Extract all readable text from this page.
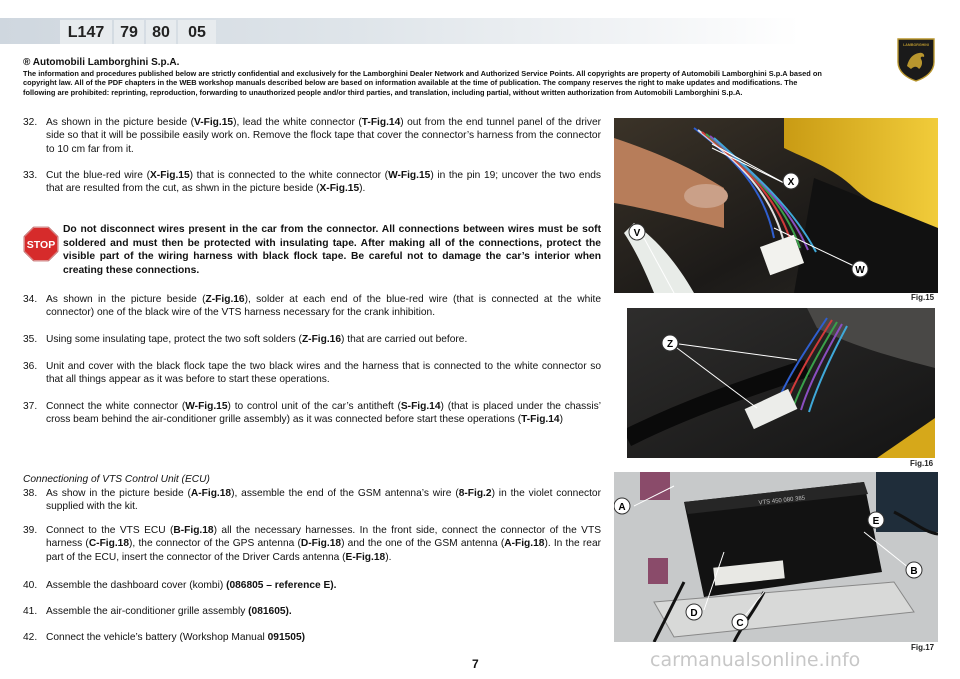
L147 79 80	05
LAMBORGHINI
® Automobili Lamborghini S.p.A.
The information and procedures published below are strictly confidential and exclusively for the Lamborghini Dealer Network and Authorized Service Points. All copyrights are property of Automobili Lamborghini S.p.A based on copyright law. All of the PDF chapters in the WEB workshop manuals described below are based on information available at the time of publication. The company reserves the right to make updates and modifications. The following are prohibited: reprinting, reproduction, forwarding to unauthorized people and/or third parties, and translation, including partial, without written authorization from Automobili Lamborghini S.p.A.
32. As shown in the picture beside (V-Fig.15), lead the white connector (T-Fig.14) out from the end tunnel panel of the driver side so that it will be possibile easily work on. Remove the flock tape that cover the connector’s harness from the connector to 10 cm far from it.
33. Cut the blue-red wire (X-Fig.15) that is connected to the white connector (W-Fig.15) in the pin 19; uncover the two ends that are resulted from the cut, as shwn in the picture beside (X-Fig.15).
STOP
Do not disconnect wires present in the car from the connector. All connections between wires must be soft soldered and must then be protected with insulating tape. After making all of the connections, protect the visible part of the wiring harness with black flock tape. Be careful not to damage the car’s interior when creating these connections.
34. As shown in the picture beside (Z-Fig.16), solder at each end of the blue-red wire (that is connected at the white connector) one of the black wire of the VTS harness necessary for the crank inhibition.
35. Using some insulating tape, protect the two soft solders (Z-Fig.16) that are carried out before.
36. Unit and cover with the black flock tape the two black wires and the harness that is connected to the white connector so that all things appear as it was before to start these operations.
37. Connect the white connector (W-Fig.15) to control unit of the car’s antitheft (S-Fig.14) (that is placed under the chassis’ cross beam behind the air-conditioner grille assembly) as it was connected before start these operations (T-Fig.14)
Connectioning of VTS Control Unit (ECU)
38. As show in the picture beside (A-Fig.18), assemble the end of the GSM antenna’s wire (8-Fig.2) in the violet connector supplied with the kit.
39. Connect to the VTS ECU (B-Fig.18) all the necessary harnesses. In the front side, connect the connector of the VTS harness (C-Fig.18), the connector of the GPS antenna (D-Fig.18) and the one of the GSM antenna (A-Fig.18). In the rear part of the ECU, insert the connector of the Driver Cards antenna (E-Fig.18).
40. Assemble the dashboard cover (kombi) (086805 – reference E).
41. Assemble the air-conditioner grille assembly (081605).
42. Connect the vehicle’s battery (Workshop Manual 091505)
X
V
W
Fig.15
Z
Fig.16
VTS 450 080 385
A
E
B
D
C
Fig.17
7	carmanualsonline.info
